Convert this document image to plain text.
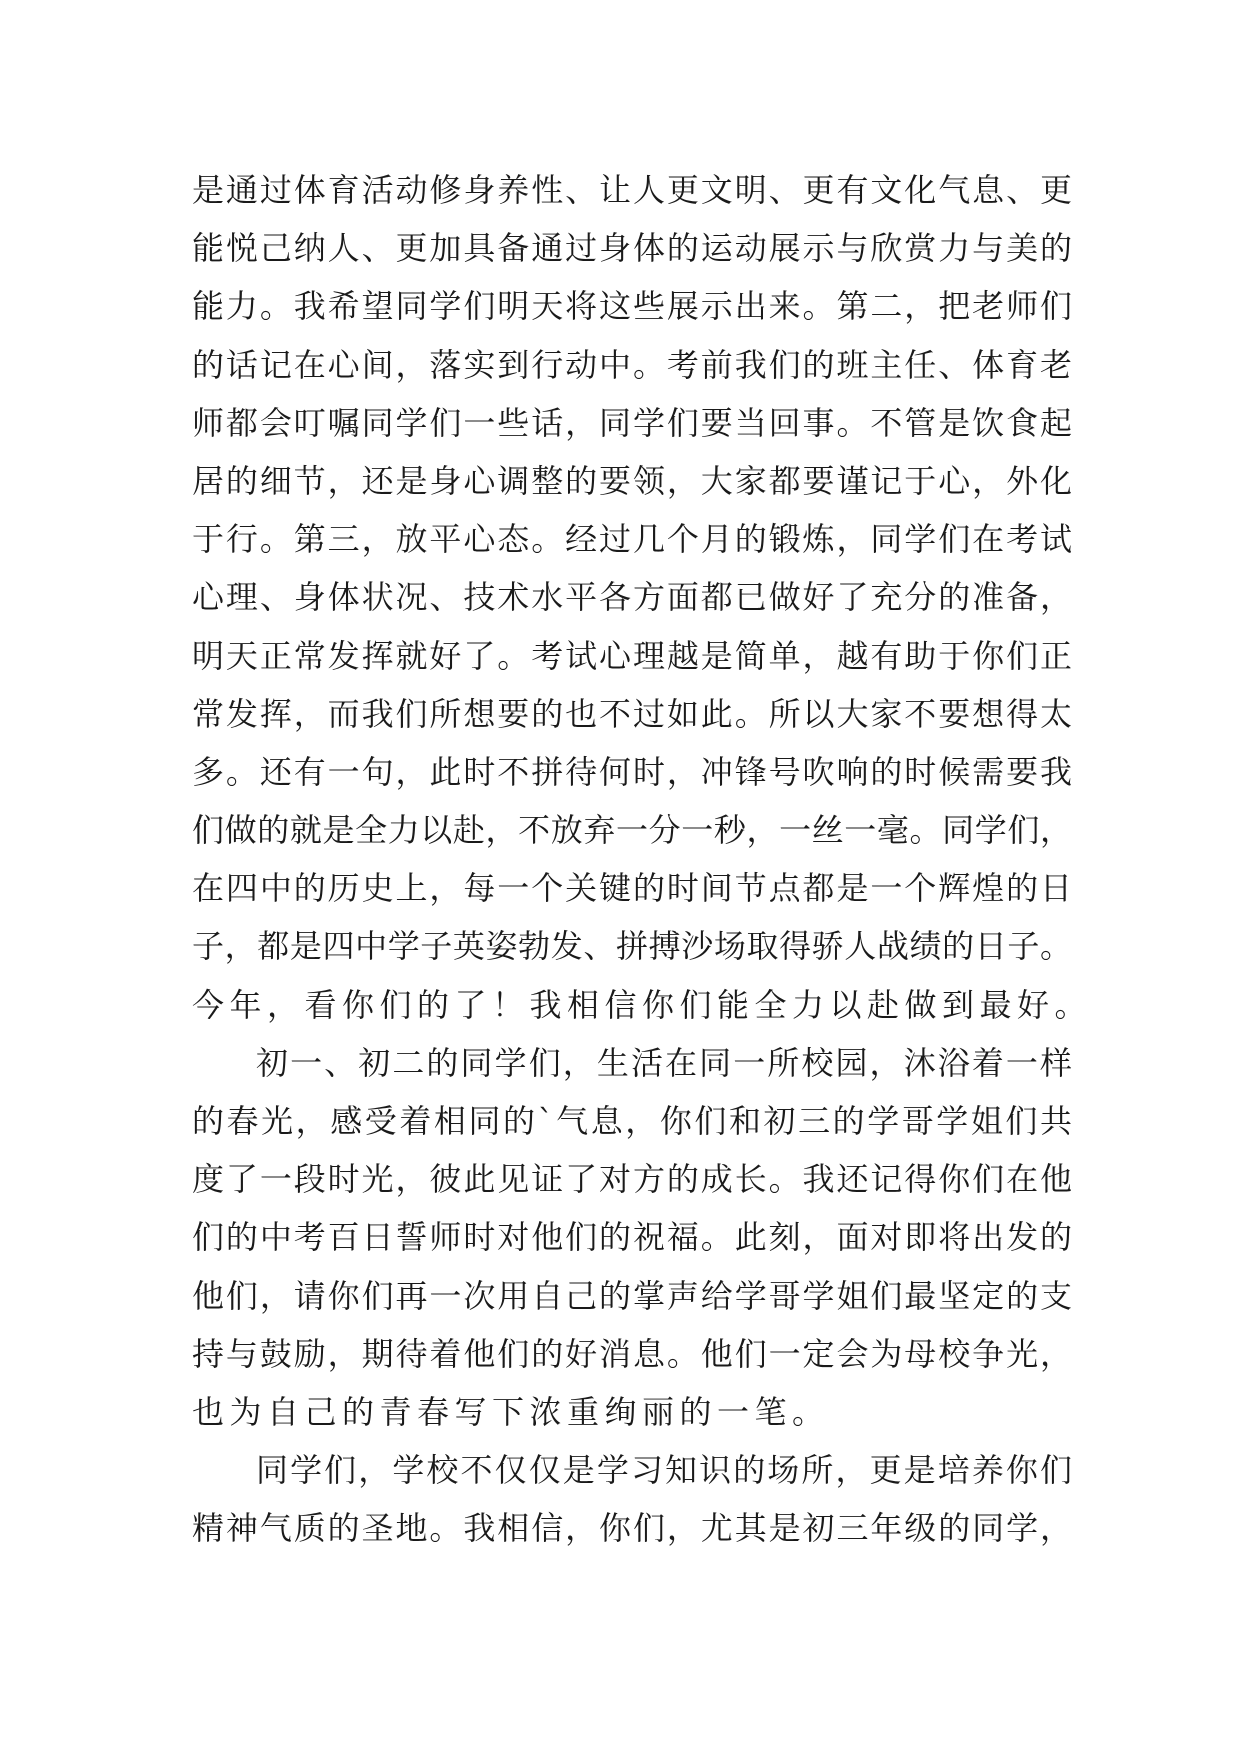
是通过体育活动修身养性、让人更文明、更有文化气息、更
能悦己纳人、更加具备通过身体的运动展示与欣赏力与美的
能力。我希望同学们明天将这些展示出来。第二，把老师们
的话记在心间，落实到行动中。考前我们的班主任、体育老
师都会叮嘱同学们一些话，同学们要当回事。不管是饮食起
居的细节，还是身心调整的要领，大家都要谨记于心，外化
于行。第三，放平心态。经过几个月的锻炼，同学们在考试
心理、身体状况、技术水平各方面都已做好了充分的准备，
明天正常发挥就好了。考试心理越是简单，越有助于你们正
常发挥，而我们所想要的也不过如此。所以大家不要想得太
多。还有一句，此时不拼待何时，冲锋号吹响的时候需要我
们做的就是全力以赴，不放弃一分一秒，一丝一毫。同学们，
在四中的历史上，每一个关键的时间节点都是一个辉煌的日
子，都是四中学子英姿勃发、拼搏沙场取得骄人战绩的日子。
今年，看你们的了！我相信你们能全力以赴做到最好。
初一、初二的同学们，生活在同一所校园，沐浴着一样
的春光，感受着相同的`气息，你们和初三的学哥学姐们共
度了一段时光，彼此见证了对方的成长。我还记得你们在他
们的中考百日誓师时对他们的祝福。此刻，面对即将出发的
他们，请你们再一次用自己的掌声给学哥学姐们最坚定的支
持与鼓励，期待着他们的好消息。他们一定会为母校争光，
也为自己的青春写下浓重绚丽的一笔。
同学们，学校不仅仅是学习知识的场所，更是培养你们
精神气质的圣地。我相信，你们，尤其是初三年级的同学，
